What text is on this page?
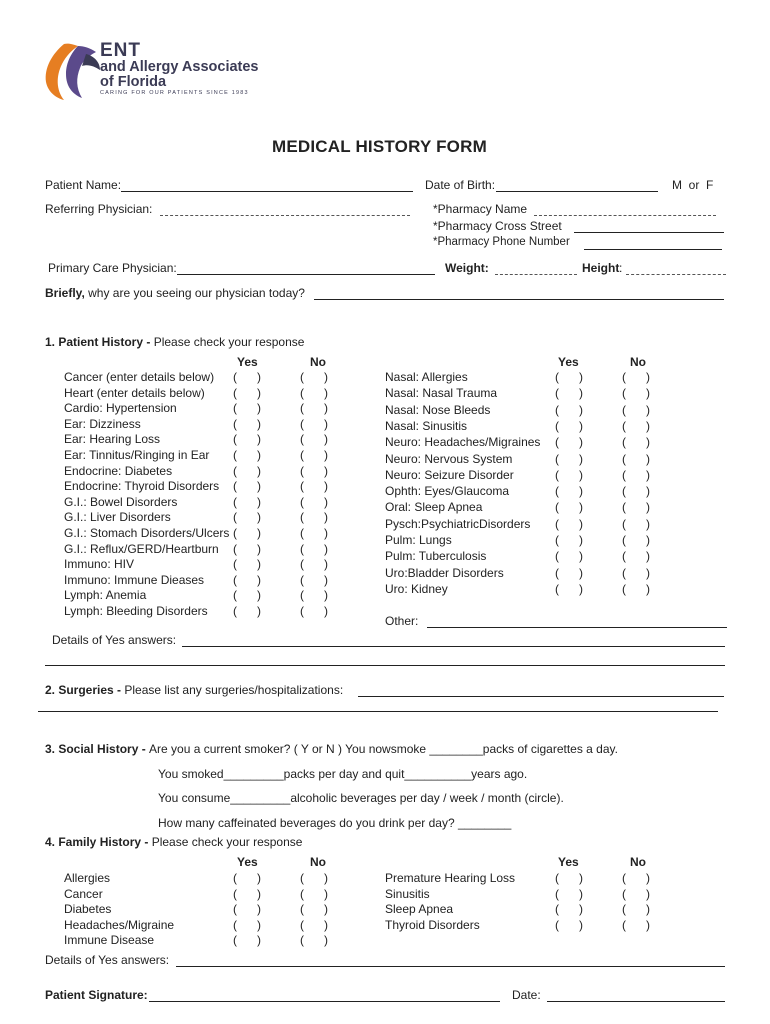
ENT
and Allergy Associates
of Florida
CARING FOR OUR PATIENTS SINCE 1983
MEDICAL HISTORY FORM
Patient Name:	Date of Birth:	M  or  F
Referring Physician:	*Pharmacy Name
*Pharmacy Cross Street
*Pharmacy Phone Number
Primary Care Physician:	Weight:	Height :
Briefly, why are you seeing our physician today?
1. Patient History - Please check your response
Yes	No	Yes	No
Cancer (enter details below) (      )	(      )
Heart (enter details below) (      )	(      )
Cardio: Hypertension	(      )	(      )
Ear: Dizziness	(      )	(      )
Ear: Hearing Loss	(      )	(      )
Ear: Tinnitus/Ringing in Ear (      )	(      )
Endocrine: Diabetes	(      )	(      )
Endocrine: Thyroid Disorders (      )	(      )
G.I.: Bowel Disorders	(      )	(      )
G.I.: Liver Disorders	(      )	(      )
G.I.: Stomach Disorders/Ulcers (      )	(      )
G.I.: Reflux/GERD/Heartburn (      )	(      )
Immuno: HIV	(      )	(      )
Immuno: Immune Dieases (      )	(      )
Lymph: Anemia	(      )	(      )
Lymph: Bleeding Disorders (      )	(      )
Nasal: Allergies	(      )	(      )
Nasal: Nasal Trauma	(      )	(      )
Nasal: Nose Bleeds	(      )	(      )
Nasal: Sinusitis	(      )	(      )
Neuro: Headaches/Migraines (      )	(      )
Neuro: Nervous System	(      )	(      )
Neuro: Seizure Disorder	(      )	(      )
Ophth: Eyes/Glaucoma	(      )	(      )
Oral: Sleep Apnea	(      )	(      )
Pysch:PsychiatricDisorders (      )	(      )
Pulm: Lungs	(      )	(      )
Pulm: Tuberculosis	(      )	(      )
Uro:Bladder Disorders	(      )	(      )
Uro: Kidney	(      )	(      )
Other:
Details of Yes answers:
2. Surgeries - Please list any surgeries/hospitalizations:
3. Social History - Are you a current smoker? ( Y or N ) You nowsmoke ________packs of cigarettes a day.
You smoked_________packs per day and quit__________years ago.
You consume_________alcoholic beverages per day / week / month (circle).
How many caffeinated beverages do you drink per day? ________
4. Family History - Please check your response
Yes	No	Yes	No
Allergies	(      )	(      )
Cancer	(      )	(      )
Diabetes	(      )	(      )
Headaches/Migraine	(      )	(      )
Immune Disease	(      )	(      )
Premature Hearing Loss	(      )	(      )
Sinusitis	(      )	(      )
Sleep Apnea	(      )	(      )
Thyroid Disorders	(      )	(      )
Details of Yes answers:
Patient Signature:	Date:
